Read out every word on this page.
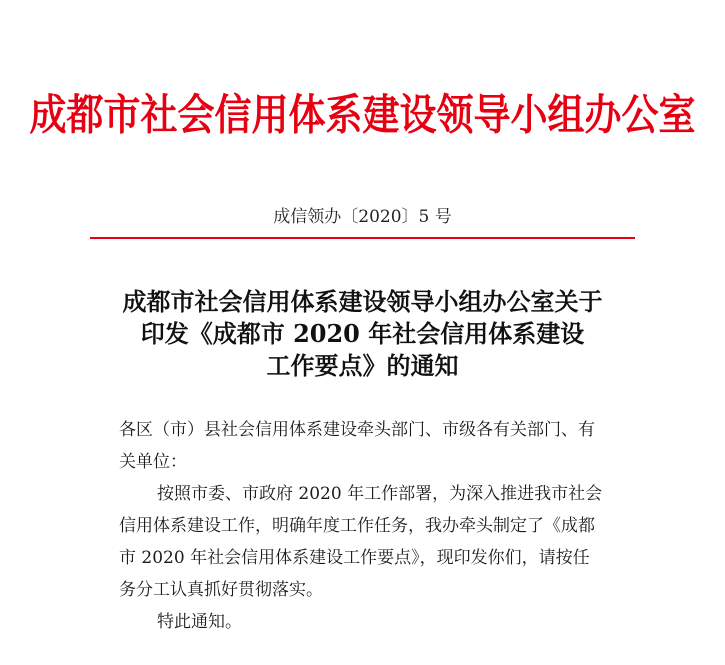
成都市社会信用体系建设领导小组办公室
成信领办〔2020〕5 号
成都市社会信用体系建设领导小组办公室关于
印发《成都市 2020 年社会信用体系建设
工作要点》的通知

各区（市）县社会信用体系建设牵头部门、市级各有关部门、有

关单位：

按照市委、市政府 2020 年工作部署，为深入推进我市社会

信用体系建设工作，明确年度工作任务，我办牵头制定了《成都

市 2020 年社会信用体系建设工作要点》，现印发你们，请按任

务分工认真抓好贯彻落实。

特此通知。
